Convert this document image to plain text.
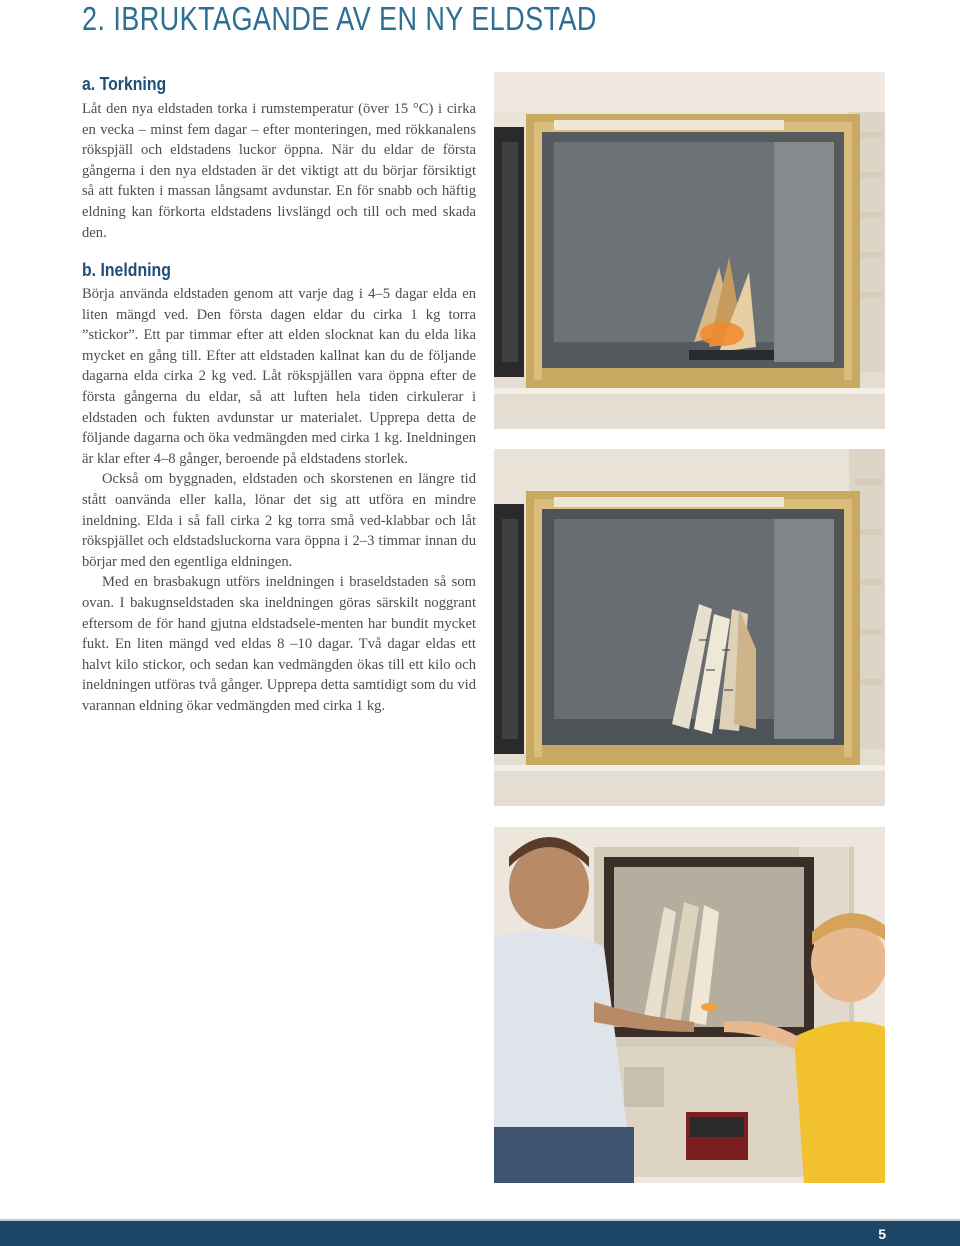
2. IBRUKTAGANDE AV EN NY ELDSTAD
a. Torkning

Låt den nya eldstaden torka i rumstemperatur (över 15 °C) i cirka en vecka – minst fem dagar – efter monteringen, med rökkanalens rökspjäll och eldstadens luckor öppna. När du eldar de första gångerna i den nya eldstaden är det viktigt att du börjar försiktigt så att fukten i massan långsamt avdunstar. En för snabb och häftig eldning kan förkorta eldstadens livslängd och till och med skada den.

b. Ineldning

Börja använda eldstaden genom att varje dag i 4–5 dagar elda en liten mängd ved. Den första dagen eldar du cirka 1 kg torra ”stickor”. Ett par timmar efter att elden slocknat kan du elda lika mycket en gång till. Efter att eldstaden kallnat kan du de följande dagarna elda cirka 2 kg ved. Låt rökspjällen vara öppna efter de första gångerna du eldar, så att luften hela tiden cirkulerar i eldstaden och fukten avdunstar ur materialet. Upprepa detta de följande dagarna och öka vedmängden med cirka 1 kg. Ineldningen är klar efter 4–8 gånger, beroende på eldstadens storlek.

Också om byggnaden, eldstaden och skorstenen en längre tid stått oanvända eller kalla, lönar det sig att utföra en mindre ineldning. Elda i så fall cirka 2 kg torra små ved-klabbar och låt rökspjället och eldstadsluckorna vara öppna i 2–3 timmar innan du börjar med den egentliga eldningen.

Med en brasbakugn utförs ineldningen i braseldstaden så som ovan. I bakugnseldstaden ska ineldningen göras särskilt noggrant eftersom de för hand gjutna eldstadsele-menten har bundit mycket fukt. En liten mängd ved eldas 8 –10 dagar. Två dagar eldas ett halvt kilo stickor, och sedan kan vedmängden ökas till ett kilo och ineldningen utföras två gånger. Upprepa detta samtidigt som du vid varannan eldning ökar vedmängden med cirka 1 kg.

5
